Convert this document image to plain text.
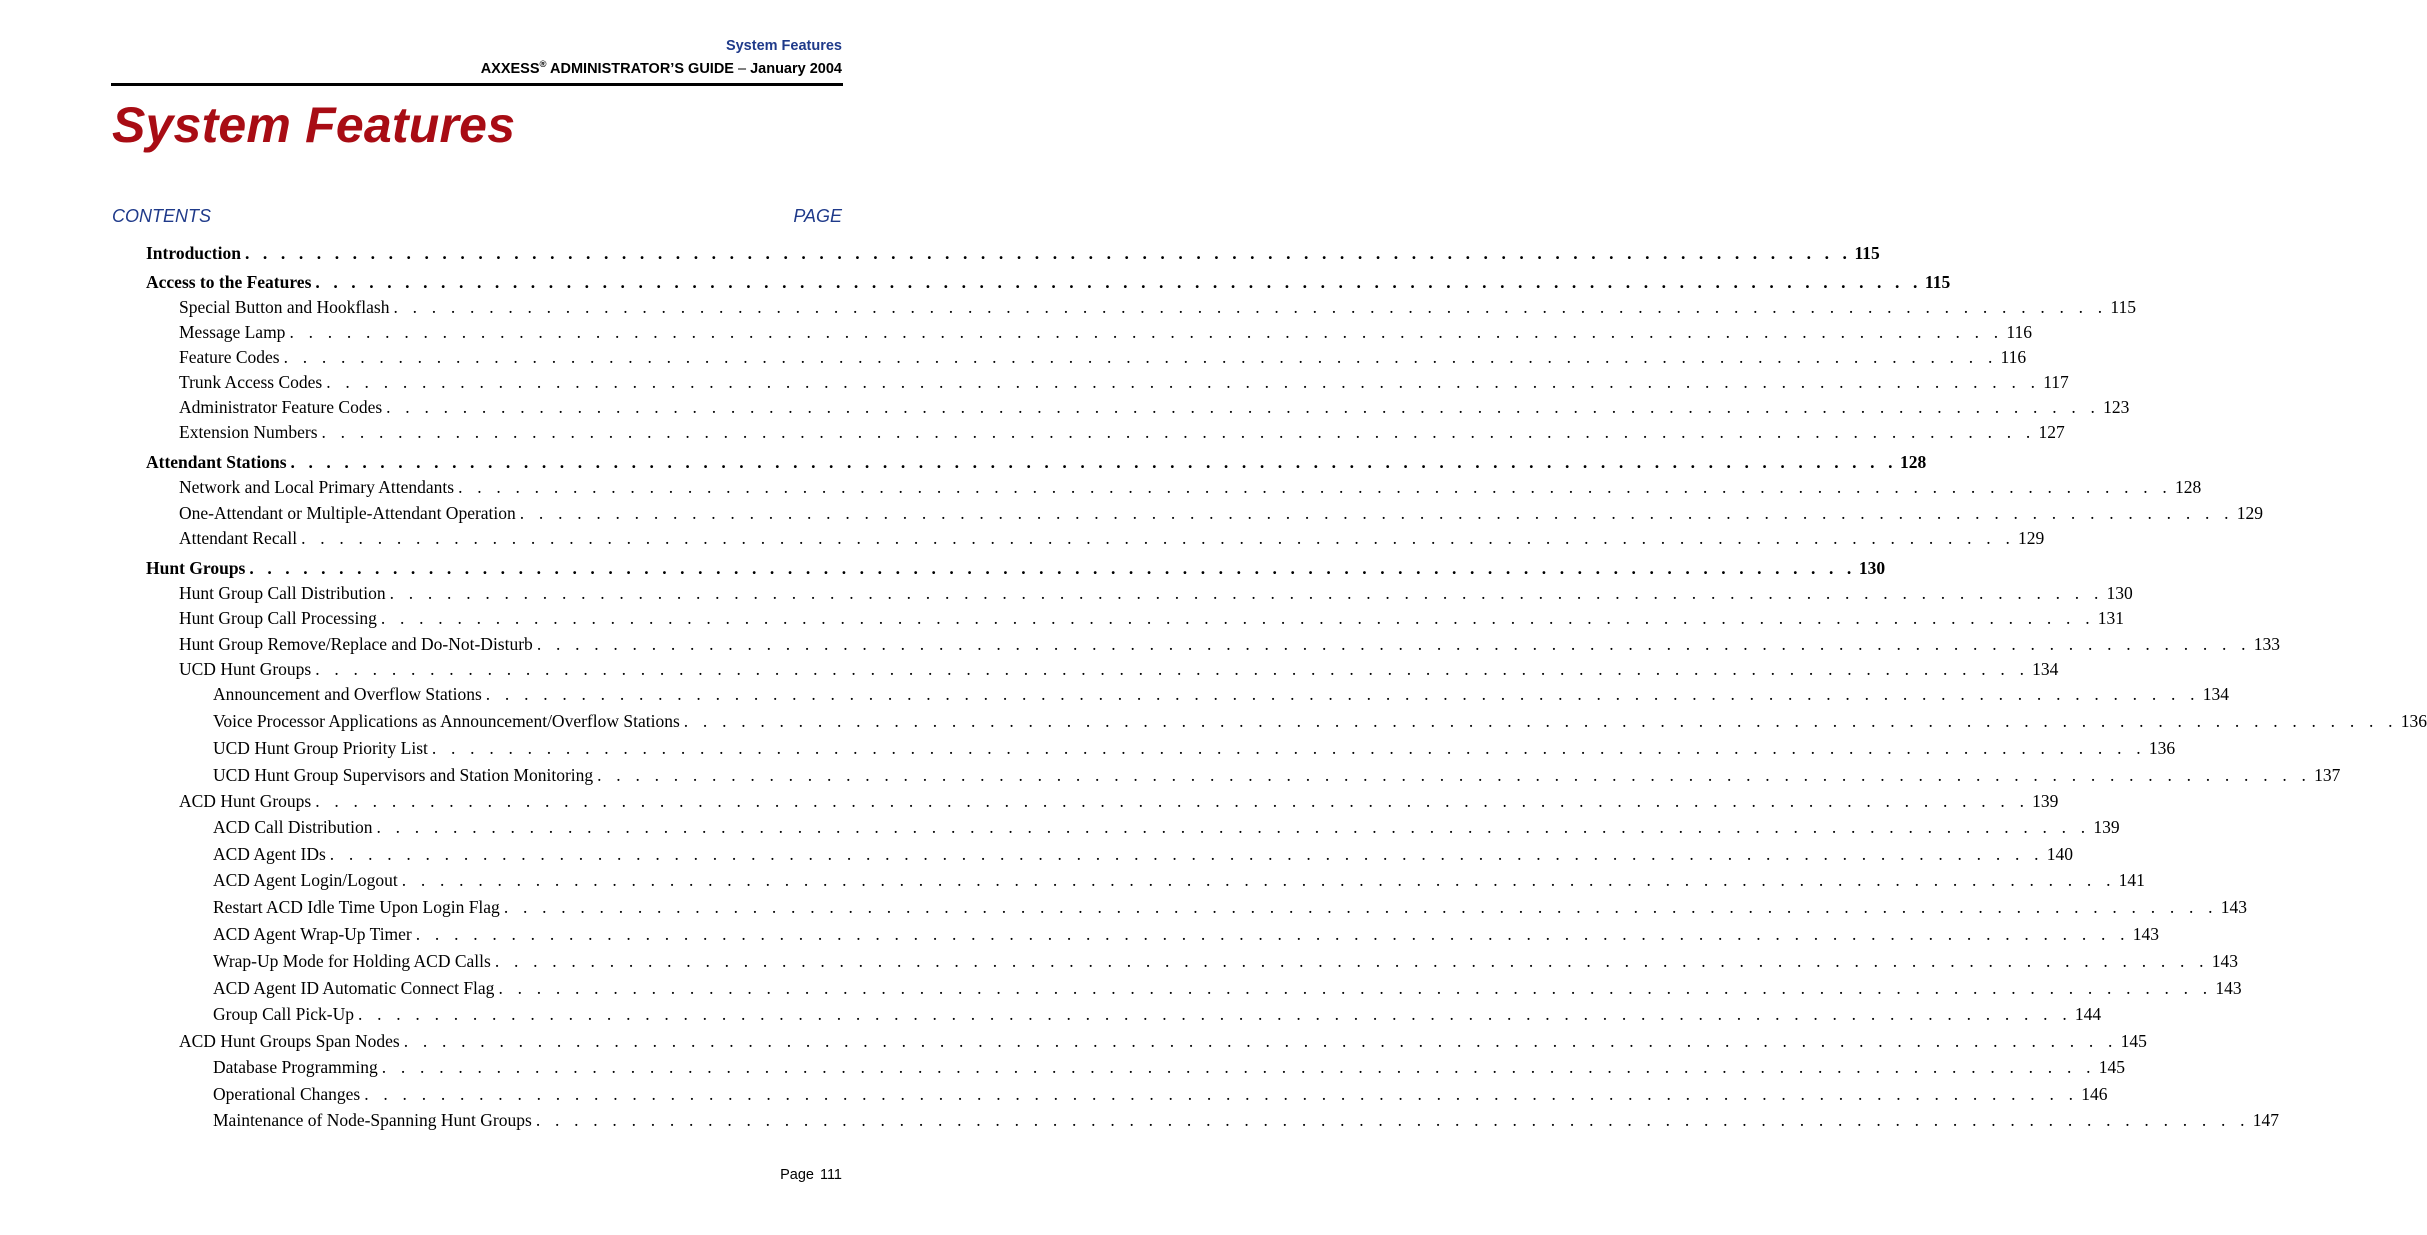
System Features
AXXESS® ADMINISTRATOR’S GUIDE – January 2004
System Features
CONTENTS	PAGE
Introduction . . . . . . . . . . . . . . . . . . . . . . . . . . . . . . . . . . . . . . . . . . . . . . . . . . . . . . . . . . . . . . . . . . . . . . . . . . . . . . . . . . . . . . . . . . 115
Access to the Features . . . . . . . . . . . . . . . . . . . . . . . . . . . . . . . . . . . . . . . . . . . . . . . . . . . . . . . . . . . . . . . . . . . . . . . . . . . . . . . . . . . . . . . . . . 115
Special Button and Hookflash . . . . . . . . . . . . . . . . . . . . . . . . . . . . . . . . . . . . . . . . . . . . . . . . . . . . . . . . . . . . . . . . . . . . . . . . . . . . . . . . . . . . . . . . . . 115
Message Lamp . . . . . . . . . . . . . . . . . . . . . . . . . . . . . . . . . . . . . . . . . . . . . . . . . . . . . . . . . . . . . . . . . . . . . . . . . . . . . . . . . . . . . . . . . . 116
Feature Codes . . . . . . . . . . . . . . . . . . . . . . . . . . . . . . . . . . . . . . . . . . . . . . . . . . . . . . . . . . . . . . . . . . . . . . . . . . . . . . . . . . . . . . . . . . 116
Trunk Access Codes . . . . . . . . . . . . . . . . . . . . . . . . . . . . . . . . . . . . . . . . . . . . . . . . . . . . . . . . . . . . . . . . . . . . . . . . . . . . . . . . . . . . . . . . . . 117
Administrator Feature Codes . . . . . . . . . . . . . . . . . . . . . . . . . . . . . . . . . . . . . . . . . . . . . . . . . . . . . . . . . . . . . . . . . . . . . . . . . . . . . . . . . . . . . . . . . . 123
Extension Numbers . . . . . . . . . . . . . . . . . . . . . . . . . . . . . . . . . . . . . . . . . . . . . . . . . . . . . . . . . . . . . . . . . . . . . . . . . . . . . . . . . . . . . . . . . . 127
Attendant Stations . . . . . . . . . . . . . . . . . . . . . . . . . . . . . . . . . . . . . . . . . . . . . . . . . . . . . . . . . . . . . . . . . . . . . . . . . . . . . . . . . . . . . . . . . . 128
Network and Local Primary Attendants . . . . . . . . . . . . . . . . . . . . . . . . . . . . . . . . . . . . . . . . . . . . . . . . . . . . . . . . . . . . . . . . . . . . . . . . . . . . . . . . . . . . . . . . . . 128
One-Attendant or Multiple-Attendant Operation . . . . . . . . . . . . . . . . . . . . . . . . . . . . . . . . . . . . . . . . . . . . . . . . . . . . . . . . . . . . . . . . . . . . . . . . . . . . . . . . . . . . . . . . . . 129
Attendant Recall . . . . . . . . . . . . . . . . . . . . . . . . . . . . . . . . . . . . . . . . . . . . . . . . . . . . . . . . . . . . . . . . . . . . . . . . . . . . . . . . . . . . . . . . . . 129
Hunt Groups . . . . . . . . . . . . . . . . . . . . . . . . . . . . . . . . . . . . . . . . . . . . . . . . . . . . . . . . . . . . . . . . . . . . . . . . . . . . . . . . . . . . . . . . . . 130
Hunt Group Call Distribution . . . . . . . . . . . . . . . . . . . . . . . . . . . . . . . . . . . . . . . . . . . . . . . . . . . . . . . . . . . . . . . . . . . . . . . . . . . . . . . . . . . . . . . . . . 130
Hunt Group Call Processing . . . . . . . . . . . . . . . . . . . . . . . . . . . . . . . . . . . . . . . . . . . . . . . . . . . . . . . . . . . . . . . . . . . . . . . . . . . . . . . . . . . . . . . . . . 131
Hunt Group Remove/Replace and Do-Not-Disturb . . . . . . . . . . . . . . . . . . . . . . . . . . . . . . . . . . . . . . . . . . . . . . . . . . . . . . . . . . . . . . . . . . . . . . . . . . . . . . . . . . . . . . . . . . 133
UCD Hunt Groups . . . . . . . . . . . . . . . . . . . . . . . . . . . . . . . . . . . . . . . . . . . . . . . . . . . . . . . . . . . . . . . . . . . . . . . . . . . . . . . . . . . . . . . . . . 134
Announcement and Overflow Stations . . . . . . . . . . . . . . . . . . . . . . . . . . . . . . . . . . . . . . . . . . . . . . . . . . . . . . . . . . . . . . . . . . . . . . . . . . . . . . . . . . . . . . . . . . 134
Voice Processor Applications as Announcement/Overflow Stations . . . . . . . . . . . . . . . . . . . . . . . . . . . . . . . . . . . . . . . . . . . . . . . . . . . . . . . . . . . . . . . . . . . . . . . . . . . . . . . . . . . . . . . . . . 136
UCD Hunt Group Priority List . . . . . . . . . . . . . . . . . . . . . . . . . . . . . . . . . . . . . . . . . . . . . . . . . . . . . . . . . . . . . . . . . . . . . . . . . . . . . . . . . . . . . . . . . . 136
UCD Hunt Group Supervisors and Station Monitoring . . . . . . . . . . . . . . . . . . . . . . . . . . . . . . . . . . . . . . . . . . . . . . . . . . . . . . . . . . . . . . . . . . . . . . . . . . . . . . . . . . . . . . . . . . 137
ACD Hunt Groups . . . . . . . . . . . . . . . . . . . . . . . . . . . . . . . . . . . . . . . . . . . . . . . . . . . . . . . . . . . . . . . . . . . . . . . . . . . . . . . . . . . . . . . . . . 139
ACD Call Distribution . . . . . . . . . . . . . . . . . . . . . . . . . . . . . . . . . . . . . . . . . . . . . . . . . . . . . . . . . . . . . . . . . . . . . . . . . . . . . . . . . . . . . . . . . . 139
ACD Agent IDs . . . . . . . . . . . . . . . . . . . . . . . . . . . . . . . . . . . . . . . . . . . . . . . . . . . . . . . . . . . . . . . . . . . . . . . . . . . . . . . . . . . . . . . . . . 140
ACD Agent Login/Logout . . . . . . . . . . . . . . . . . . . . . . . . . . . . . . . . . . . . . . . . . . . . . . . . . . . . . . . . . . . . . . . . . . . . . . . . . . . . . . . . . . . . . . . . . . 141
Restart ACD Idle Time Upon Login Flag . . . . . . . . . . . . . . . . . . . . . . . . . . . . . . . . . . . . . . . . . . . . . . . . . . . . . . . . . . . . . . . . . . . . . . . . . . . . . . . . . . . . . . . . . . 143
ACD Agent Wrap-Up Timer . . . . . . . . . . . . . . . . . . . . . . . . . . . . . . . . . . . . . . . . . . . . . . . . . . . . . . . . . . . . . . . . . . . . . . . . . . . . . . . . . . . . . . . . . . 143
Wrap-Up Mode for Holding ACD Calls . . . . . . . . . . . . . . . . . . . . . . . . . . . . . . . . . . . . . . . . . . . . . . . . . . . . . . . . . . . . . . . . . . . . . . . . . . . . . . . . . . . . . . . . . . 143
ACD Agent ID Automatic Connect Flag . . . . . . . . . . . . . . . . . . . . . . . . . . . . . . . . . . . . . . . . . . . . . . . . . . . . . . . . . . . . . . . . . . . . . . . . . . . . . . . . . . . . . . . . . . 143
Group Call Pick-Up . . . . . . . . . . . . . . . . . . . . . . . . . . . . . . . . . . . . . . . . . . . . . . . . . . . . . . . . . . . . . . . . . . . . . . . . . . . . . . . . . . . . . . . . . . 144
ACD Hunt Groups Span Nodes . . . . . . . . . . . . . . . . . . . . . . . . . . . . . . . . . . . . . . . . . . . . . . . . . . . . . . . . . . . . . . . . . . . . . . . . . . . . . . . . . . . . . . . . . . 145
Database Programming . . . . . . . . . . . . . . . . . . . . . . . . . . . . . . . . . . . . . . . . . . . . . . . . . . . . . . . . . . . . . . . . . . . . . . . . . . . . . . . . . . . . . . . . . . 145
Operational Changes . . . . . . . . . . . . . . . . . . . . . . . . . . . . . . . . . . . . . . . . . . . . . . . . . . . . . . . . . . . . . . . . . . . . . . . . . . . . . . . . . . . . . . . . . . 146
Maintenance of Node-Spanning Hunt Groups . . . . . . . . . . . . . . . . . . . . . . . . . . . . . . . . . . . . . . . . . . . . . . . . . . . . . . . . . . . . . . . . . . . . . . . . . . . . . . . . . . . . . . . . . . 147
Page 111
